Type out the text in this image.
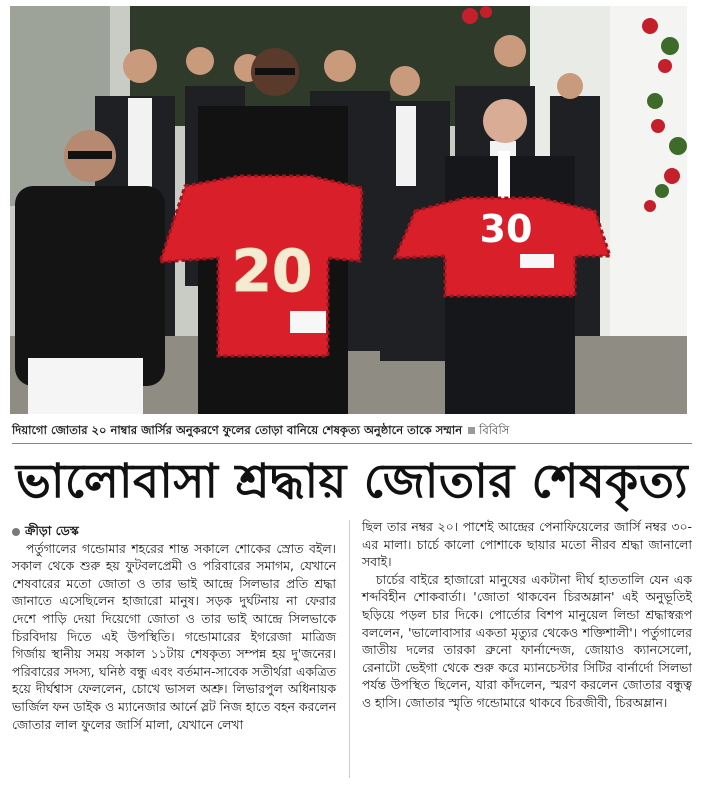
20
30
দিয়াগো জোতার ২০ নাম্বার জার্সির অনুকরণে ফুলের তোড়া বানিয়ে শেষকৃত্য অনুষ্ঠানে তাকে সম্মান বিবিসি
ভালোবাসা শ্রদ্ধায় জোতার শেষকৃত্য

ক্রীড়া ডেস্ক

পর্তুগালের গন্ডোমার শহরের শান্ত সকালে শোকের স্রোত বইল। সকাল থেকে শুরু হয় ফুটবলপ্রেমী ও পরিবারের সমাগম, যেখানে শেষবারের মতো জোতা ও তার ভাই আন্দ্রে সিলভার প্রতি শ্রদ্ধা জানাতে এসেছিলেন হাজারো মানুষ। সড়ক দুর্ঘটনায় না ফেরার দেশে পাড়ি দেয়া দিয়েগো জোতা ও তার ভাই আন্দ্রে সিলভাকে চিরবিদায় দিতে এই উপস্থিতি। গন্ডোমারের ইগরেজা মাত্রিজ গির্জায় স্থানীয় সময় সকাল ১১টায় শেষকৃত্য সম্পন্ন হয় দু'জনের। পরিবারের সদস্য, ঘনিষ্ঠ বন্ধু এবং বর্তমান-সাবেক সতীর্থরা একত্রিত হয়ে দীর্ঘশ্বাস ফেললেন, চোখে ভাসল অশ্রু। লিভারপুল অধিনায়ক ভার্জিল ফন ডাইক ও ম্যানেজার আর্নে স্লট নিজ হাতে বহন করলেন জোতার লাল ফুলের জার্সি মালা, যেখানে লেখা

ছিল তার নম্বর ২০। পাশেই আন্দ্রের পেনাফিয়েলের জার্সি নম্বর ৩০-এর মালা। চার্চে কালো পোশাকে ছায়ার মতো নীরব শ্রদ্ধা জানালো সবাই।

চার্চের বাইরে হাজারো মানুষের একটানা দীর্ঘ হাততালি যেন এক শব্দবিহীন শোকবার্তা। 'জোতা থাকবেন চিরঅম্লান' এই অনুভূতিই ছড়িয়ে পড়ল চার দিকে। পোর্তোর বিশপ মানুয়েল লিন্ডা শ্রদ্ধাস্বরূপ বললেন, 'ভালোবাসার একতা মৃত্যুর থেকেও শক্তিশালী'। পর্তুগালের জাতীয় দলের তারকা ব্রুনো ফার্নান্দেজ, জোয়াও ক্যানসেলো, রেনাটো ভেইগা থেকে শুরু করে ম্যানচেস্টার সিটির বার্নার্দো সিলভা পর্যন্ত উপস্থিত ছিলেন, যারা কাঁদলেন, স্মরণ করলেন জোতার বন্ধুত্ব ও হাসি। জোতার স্মৃতি গন্ডোমারে থাকবে চিরজীবী, চিরঅম্লান।
